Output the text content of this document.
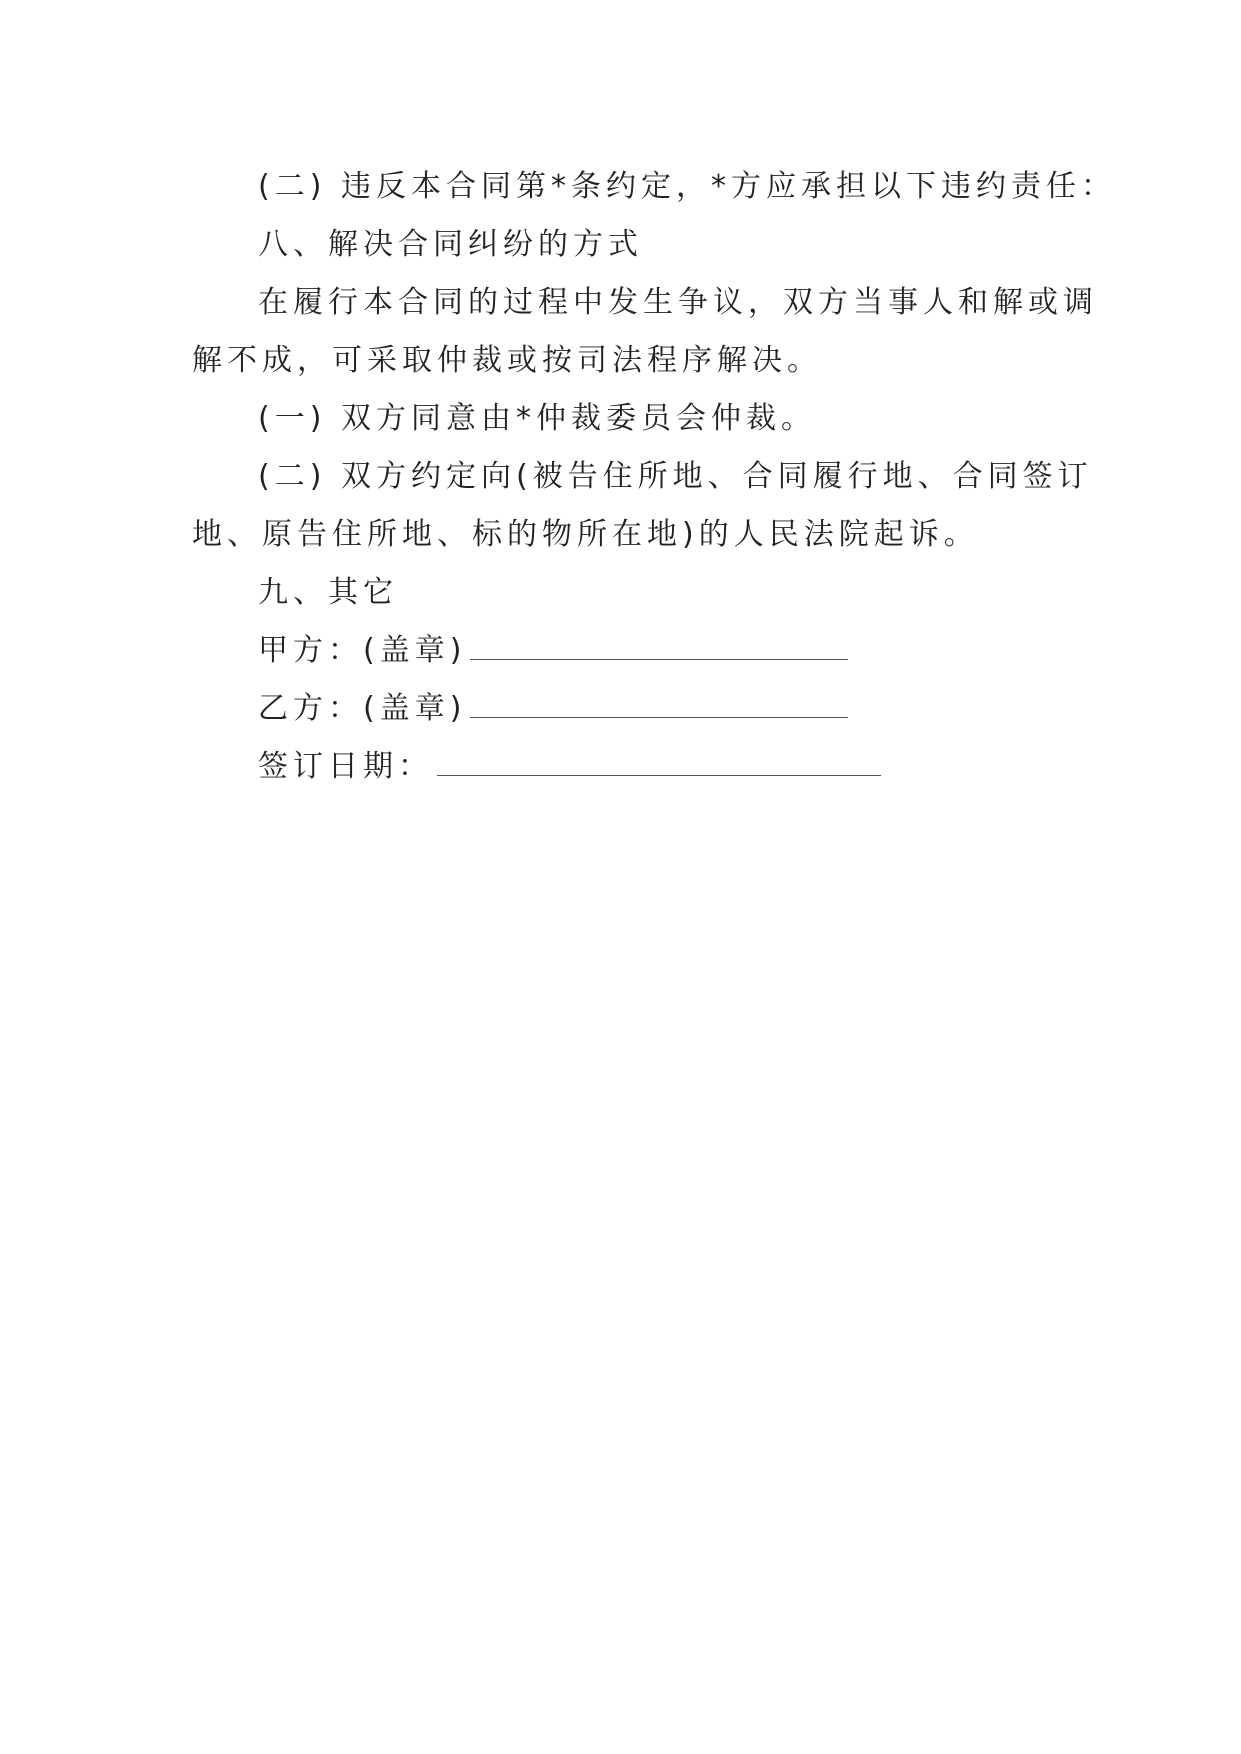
(二) 违反本合同第*条约定，*方应承担以下违约责任：

八、解决合同纠纷的方式

在履行本合同的过程中发生争议，双方当事人和解或调

解不成，可采取仲裁或按司法程序解决。

(一) 双方同意由*仲裁委员会仲裁。

(二) 双方约定向(被告住所地、合同履行地、合同签订

地、原告住所地、标的物所在地)的人民法院起诉。

九、其它

甲方：(盖章)

乙方：(盖章)

签订日期：
